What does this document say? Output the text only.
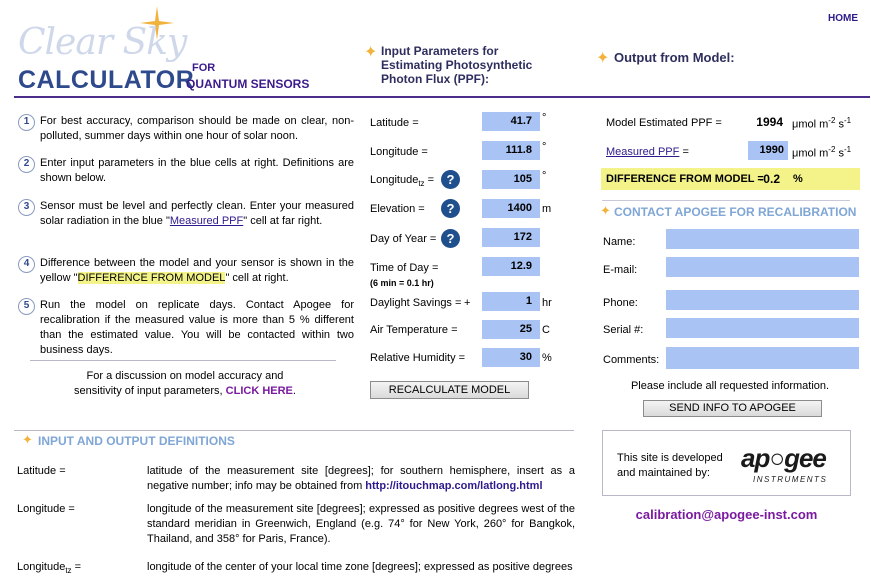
HOME
Clear Sky
CALCULATOR
FOR
QUANTUM SENSORS
✦ Input Parameters for
Estimating Photosynthetic
Photon Flux (PPF):
✦ Output from Model:
1 For best accuracy, comparison should be made on clear, non-polluted, summer days within one hour of solar noon.
2 Enter input parameters in the blue cells at right. Definitions are shown below.
3 Sensor must be level and perfectly clean. Enter your measured solar radiation in the blue "Measured PPF" cell at far right.
4 Difference between the model and your sensor is shown in the yellow "DIFFERENCE FROM MODEL" cell at right.
5 Run the model on replicate days. Contact Apogee for recalibration if the measured value is more than 5 % different than the estimated value. You will be contacted within two business days.
For a discussion on model accuracy and
sensitivity of input parameters, CLICK HERE.
Latitude =	41.7 °
Longitude =	111.8 °
Longitude$_{tz}$ = ?	105 °
Elevation =	?	1400 m
Day of Year = ?	172
Time of Day =
(6 min = 0.1 hr)
12.9
Daylight Savings = +	1 hr
Air Temperature =	25 C
Relative Humidity =	30 %
RECALCULATE MODEL
Model Estimated PPF =	1994 μmol $m^{-2}$ $s^{-1}$
Measured PPF =	1990 μmol $m^{-2}$ $s^{-1}$
DIFFERENCE FROM MODEL =
-0.2 %
✦ CONTACT APOGEE FOR RECALIBRATION
Name:
E-mail:
Phone:
Serial #:
Comments:
Please include all requested information.
SEND INFO TO APOGEE
This site is developed
and maintained by:	ap○gee
INSTRUMENTS
calibration@apogee-inst.com
✦ INPUT AND OUTPUT DEFINITIONS
Latitude =	latitude of the measurement site [degrees]; for southern hemisphere, insert as a negative number; info may be obtained from http://itouchmap.com/latlong.html
Longitude =	longitude of the measurement site [degrees]; expressed as positive degrees west of the standard meridian in Greenwich, England (e.g. 74° for New York, 260° for Bangkok, Thailand, and 358° for Paris, France).
Longitude$_{tz}$ =	longitude of the center of your local time zone [degrees]; expressed as positive degrees
